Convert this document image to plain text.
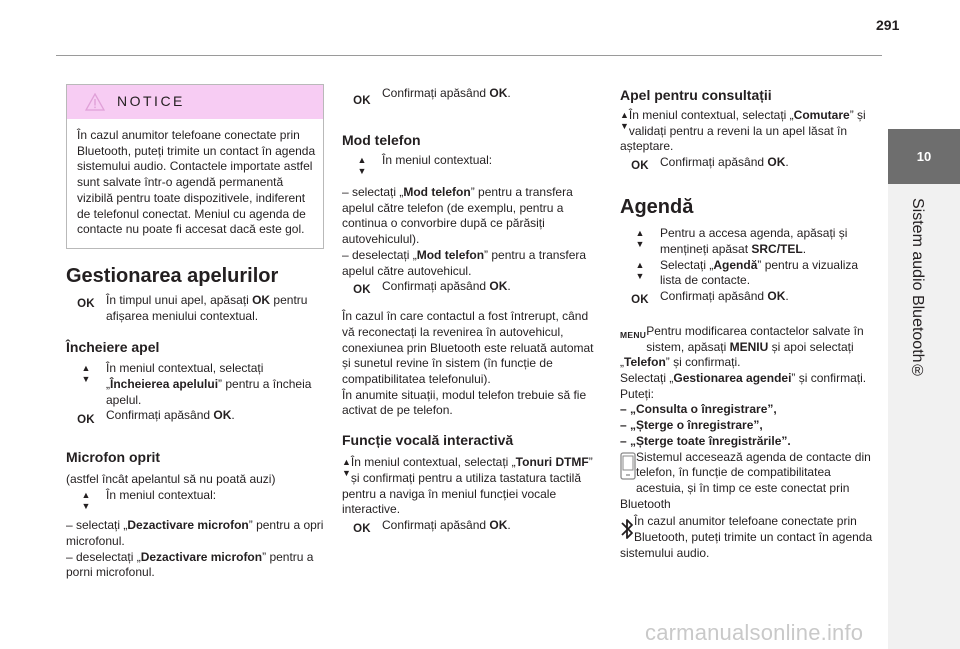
291
10
Sistem audio Bluetooth®
NOTICE

În cazul anumitor telefoane conectate prin Bluetooth, puteți trimite un contact în agenda sistemului audio. Contactele importate astfel sunt salvate într-o agendă permanentă vizibilă pentru toate dispozitivele, indiferent de telefonul conectat. Meniul cu agenda de contacte nu poate fi accesat dacă este gol.

Gestionarea apelurilor
OK În timpul unui apel, apăsați OK pentru afișarea meniului contextual.

Încheiere apel
▲
▼

În meniul contextual, selectați „Încheierea apelului” pentru a încheia apelul.

OK Confirmați apăsând OK.

Microfon oprit

(astfel încât apelantul să nu poată auzi)

▲
▼

În meniul contextual:

– selectați „Dezactivare microfon” pentru a opri microfonul.

– deselectați „Dezactivare microfon” pentru a porni microfonul.

OK

Confirmați apăsând OK.

Mod telefon
▲
▼

În meniul contextual:

– selectați „Mod telefon” pentru a transfera apelul către telefon (de exemplu, pentru a continua o convorbire după ce părăsiți autovehiculul).

– deselectați „Mod telefon” pentru a transfera apelul către autovehicul.

OK Confirmați apăsând OK.

În cazul în care contactul a fost întrerupt, când vă reconectați la revenirea în autovehicul, conexiunea prin Bluetooth este reluată automat și sunetul revine în sistem (în funcție de compatibilitatea telefonului).

În anumite situații, modul telefon trebuie să fie activat de pe telefon.

Funcție vocală interactivă
▲
▼

În meniul contextual, selectați „Tonuri DTMF” și confirmați pentru a utiliza tastatura tactilă pentru a naviga în meniul funcției vocale interactive.

OK Confirmați apăsând OK.

Apel pentru consultații
▲
▼

În meniul contextual, selectați „Comutare” și validați pentru a reveni la un apel lăsat în așteptare.

OK Confirmați apăsând OK.

Agendă
▲
▼

Pentru a accesa agenda, apăsați și mențineți apăsat SRC/TEL.

▲
▼

Selectați „Agendă” pentru a vizualiza lista de contacte.

OK Confirmați apăsând OK.

MENU Pentru modificarea contactelor salvate în sistem, apăsați MENIU și apoi selectați „Telefon” și confirmați.

Selectați „Gestionarea agendei” și confirmați.

Puteți:

– „Consulta o înregistrare”,

– „Șterge o înregistrare”,

– „Șterge toate înregistrările”.

Sistemul accesează agenda de contacte din telefon, în funcție de compatibilitatea acestuia, și în timp ce este conectat prin Bluetooth

În cazul anumitor telefoane conectate prin Bluetooth, puteți trimite un contact în agenda sistemului audio.

carmanualsonline.info
